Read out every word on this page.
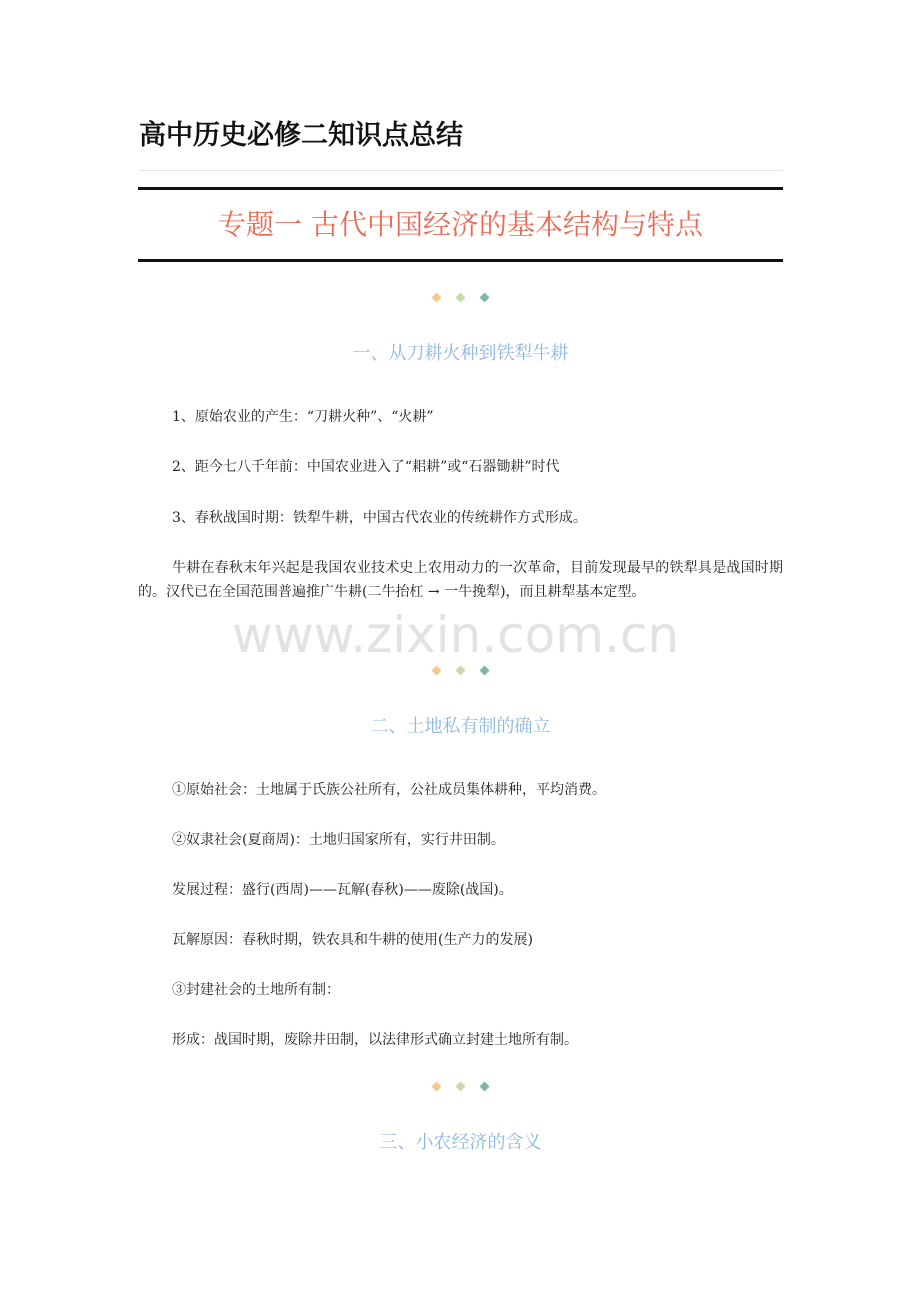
高中历史必修二知识点总结
专题一 古代中国经济的基本结构与特点
一、从刀耕火种到铁犁牛耕

1、原始农业的产生：“刀耕火种”、“火耕”

2、距今七八千年前：中国农业进入了“耜耕”或“石器锄耕”时代

3、春秋战国时期：铁犁牛耕，中国古代农业的传统耕作方式形成。

牛耕在春秋末年兴起是我国农业技术史上农用动力的一次革命，目前发现最早的铁犁具是战国时期的。汉代已在全国范围普遍推广牛耕(二牛抬杠 → 一牛挽犁)，而且耕犁基本定型。

www.zixin.com.cn
二、土地私有制的确立

①原始社会：土地属于氏族公社所有，公社成员集体耕种，平均消费。

②奴隶社会(夏商周)：土地归国家所有，实行井田制。

发展过程：盛行(西周)——瓦解(春秋)——废除(战国)。

瓦解原因：春秋时期，铁农具和牛耕的使用(生产力的发展)

③封建社会的土地所有制：

形成：战国时期，废除井田制，以法律形式确立封建土地所有制。

三、小农经济的含义
